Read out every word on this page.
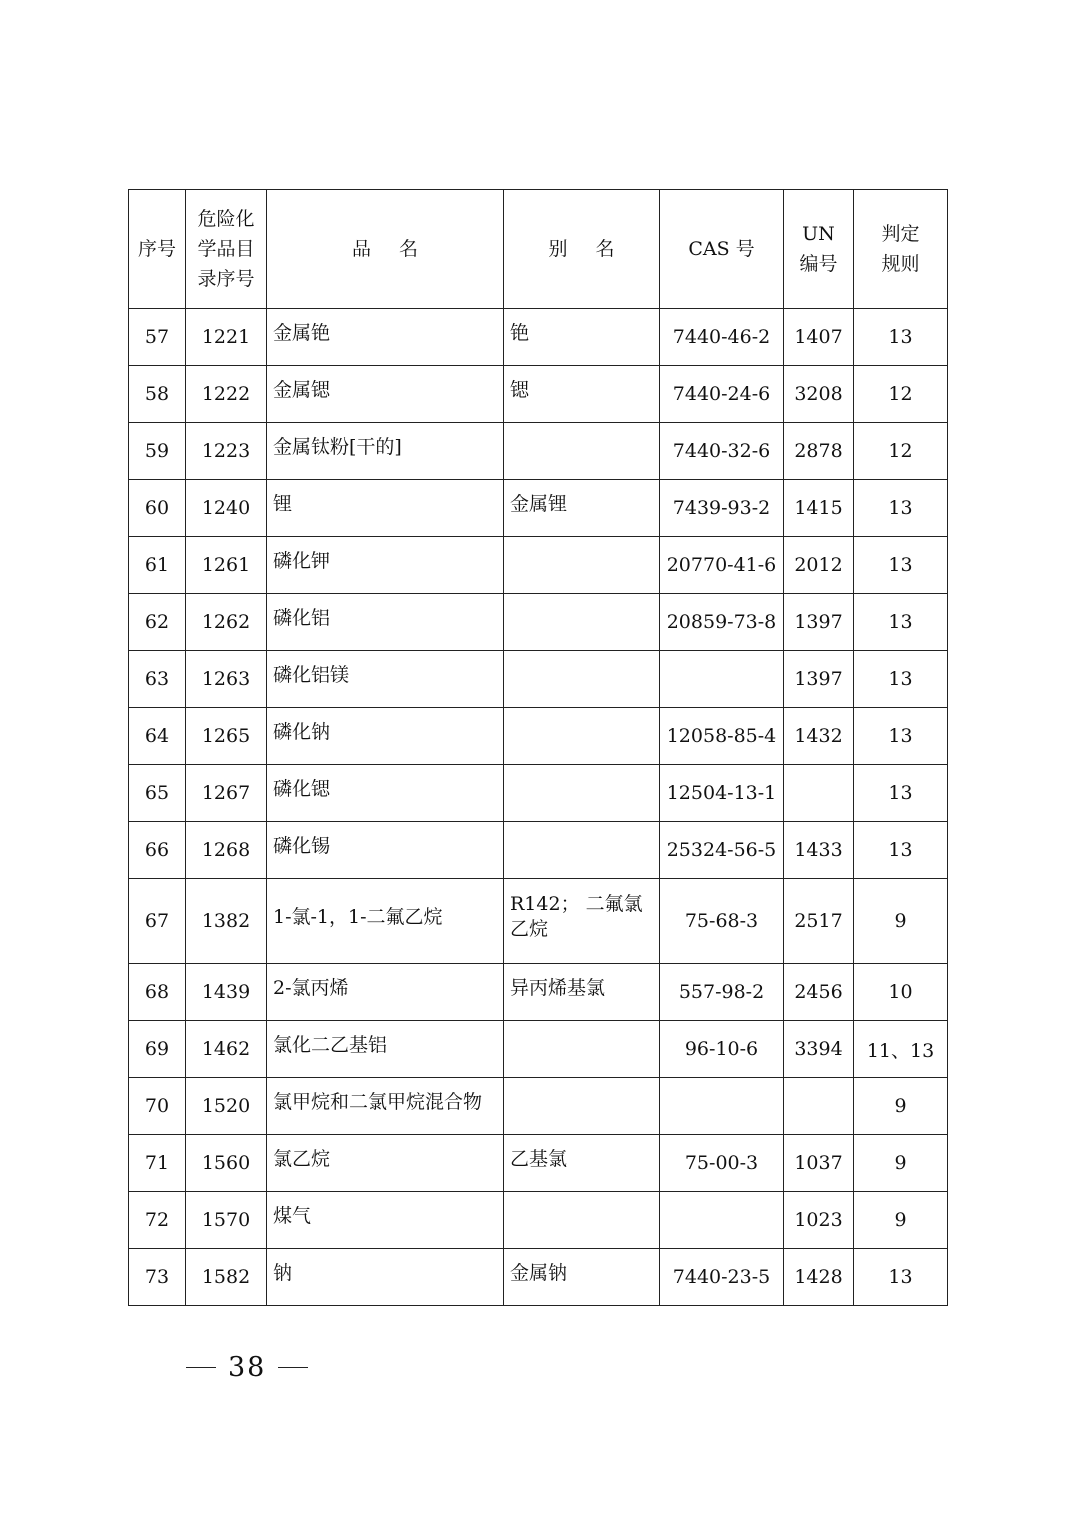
序号	危险化
学品目
录序号	品名	别名	CAS 号	UN
编号	判定
规则
57	1221	金属铯	铯	7440-46-2	1407	13
58	1222	金属锶	锶	7440-24-6	3208	12
59	1223	金属钛粉[干的]		7440-32-6	2878	12
60	1240	锂	金属锂	7439-93-2	1415	13
61	1261	磷化钾		20770-41-6	2012	13
62	1262	磷化铝		20859-73-8	1397	13
63	1263	磷化铝镁			1397	13
64	1265	磷化钠		12058-85-4	1432	13
65	1267	磷化锶		12504-13-1		13
66	1268	磷化锡		25324-56-5	1433	13
67	1382	1-氯-1，1-二氟乙烷	R142； 二氟氯乙烷	75-68-3	2517	9
68	1439	2-氯丙烯	异丙烯基氯	557-98-2	2456	10
69	1462	氯化二乙基铝		96-10-6	3394	11、13
70	1520	氯甲烷和二氯甲烷混合物				9
71	1560	氯乙烷	乙基氯	75-00-3	1037	9
72	1570	煤气			1023	9
73	1582	钠	金属钠	7440-23-5	1428	13
38
